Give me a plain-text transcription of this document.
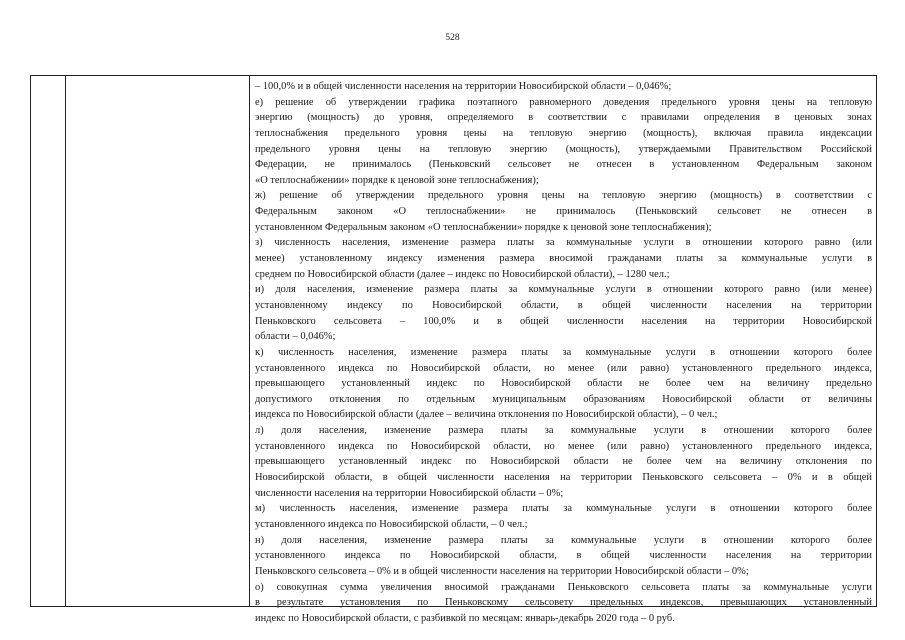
528
– 100,0% и в общей численности населения на территории Новосибирской области – 0,046%;
е) решение об утверждении графика поэтапного равномерного доведения предельного уровня цены на тепловую
энергию (мощность) до уровня, определяемого в соответствии с правилами определения в ценовых зонах
теплоснабжения предельного уровня цены на тепловую энергию (мощность), включая правила индексации
предельного уровня цены на тепловую энергию (мощность), утверждаемыми Правительством Российской
Федерации, не принималось (Пеньковский сельсовет не отнесен в установленном Федеральным законом
«О теплоснабжении» порядке к ценовой зоне теплоснабжения);
ж) решение об утверждении предельного уровня цены на тепловую энергию (мощность) в соответствии с
Федеральным законом «О теплоснабжении» не принималось (Пеньковский сельсовет не отнесен в
установленном Федеральным законом «О теплоснабжении» порядке к ценовой зоне теплоснабжения);
з) численность населения, изменение размера платы за коммунальные услуги в отношении которого равно (или
менее) установленному индексу изменения размера вносимой гражданами платы за коммунальные услуги в
среднем по Новосибирской области (далее – индекс по Новосибирской области), – 1280 чел.;
и) доля населения, изменение размера платы за коммунальные услуги в отношении которого равно (или менее)
установленному индексу по Новосибирской области, в общей численности населения на территории
Пеньковского сельсовета – 100,0% и в общей численности населения на территории Новосибирской
области – 0,046%;
к) численность населения, изменение размера платы за коммунальные услуги в отношении которого более
установленного индекса по Новосибирской области, но менее (или равно) установленного предельного индекса,
превышающего установленный индекс по Новосибирской области не более чем на величину предельно
допустимого отклонения по отдельным муниципальным образованиям Новосибирской области от величины
индекса по Новосибирской области (далее – величина отклонения по Новосибирской области), – 0 чел.;
л) доля населения, изменение размера платы за коммунальные услуги в отношении которого более
установленного индекса по Новосибирской области, но менее (или равно) установленного предельного индекса,
превышающего установленный индекс по Новосибирской области не более чем на величину отклонения по
Новосибирской области, в общей численности населения на территории Пеньковского сельсовета – 0% и в общей
численности населения на территории Новосибирской области – 0%;
м) численность населения, изменение размера платы за коммунальные услуги в отношении которого более
установленного индекса по Новосибирской области, – 0 чел.;
н) доля населения, изменение размера платы за коммунальные услуги в отношении которого более
установленного индекса по Новосибирской области, в общей численности населения на территории
Пеньковского сельсовета – 0% и в общей численности населения на территории Новосибирской области – 0%;
о) совокупная сумма увеличения вносимой гражданами Пеньковского сельсовета платы за коммунальные услуги
в результате установления по Пеньковскому сельсовету предельных индексов, превышающих установленный
индекс по Новосибирской области, с разбивкой по месяцам: январь-декабрь 2020 года – 0 руб.
